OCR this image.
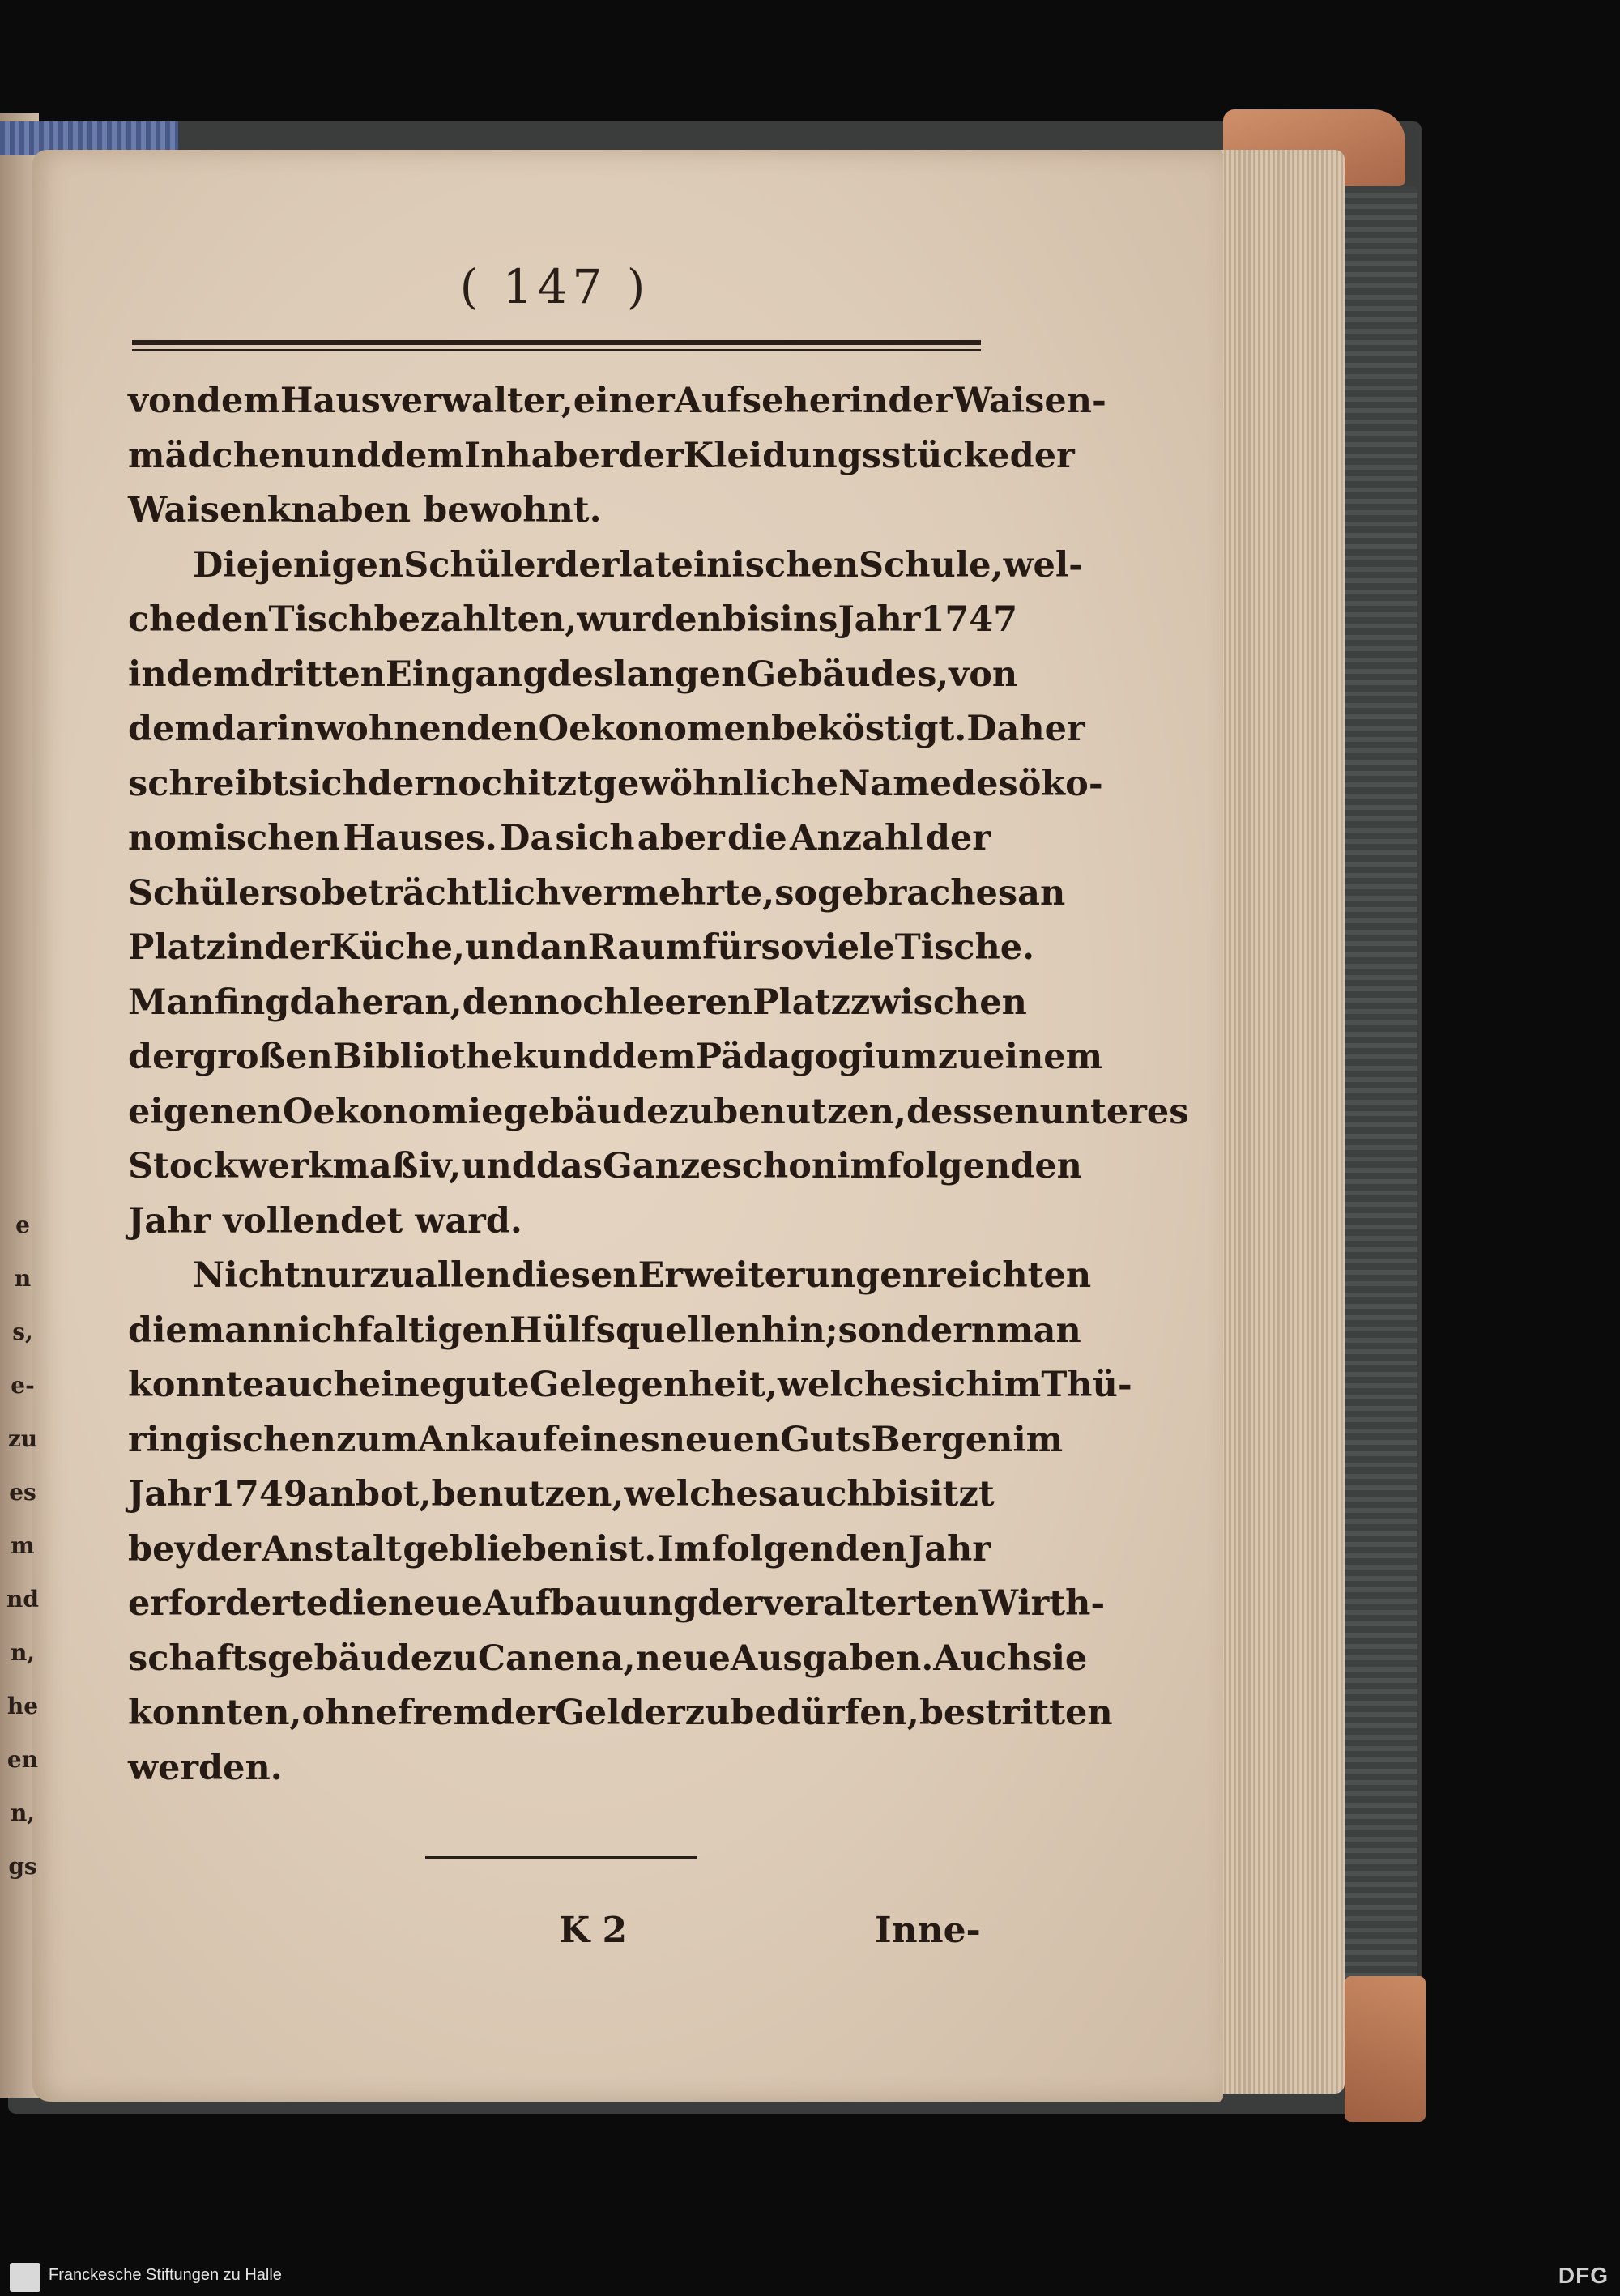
e
n
s,
e-
zu
es
m
nd
n,
he
en
n,
gs
( 147 )
von dem Hausverwalter, einer Aufseherin der Waisen-
mädchen und dem Inhaber der Kleidungsstücke der
Waisenknaben bewohnt.
Diejenigen Schüler der lateinischen Schule, wel-
che den Tisch bezahlten, wurden bis ins Jahr 1747
in dem dritten Eingang des langen Gebäudes, von
dem darin wohnenden Oekonomen beköstigt. Daher
schreibt sich der noch itzt gewöhnliche Name des öko-
nomischen Hauses. Da sich aber die Anzahl der
Schüler so beträchtlich vermehrte, so gebrach es an
Platz in der Küche, und an Raum für so viele Tische.
Man fing daher an, den noch leeren Platz zwischen
der großen Bibliothek und dem Pädagogium zu einem
eigenen Oekonomiegebäude zu benutzen, dessen unteres
Stockwerk maßiv, und das Ganze schon im folgenden
Jahr vollendet ward.
Nicht nur zu allen diesen Erweiterungen reichten
die mannichfaltigen Hülfsquellen hin; sondern man
konnte auch eine gute Gelegenheit, welche sich im Thü-
ringischen zum Ankauf eines neuen Guts Bergen im
Jahr 1749 anbot, benutzen, welches auch bis itzt
bey der Anstalt geblieben ist. Im folgenden Jahr
erforderte die neue Aufbauung der veralterten Wirth-
schaftsgebäude zu Canena, neue Ausgaben. Auch sie
konnten, ohne fremder Gelder zu bedürfen, bestritten
werden.
K 2	Inne-
Franckesche Stiftungen zu Halle	DFG
